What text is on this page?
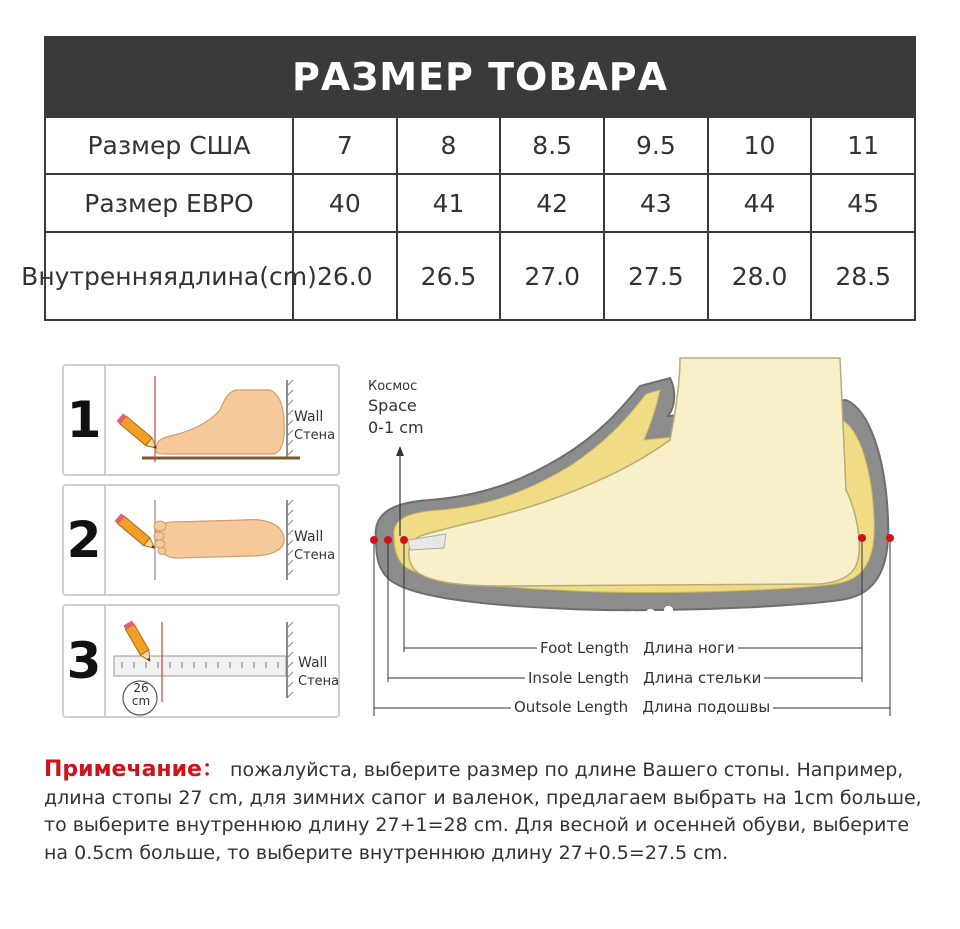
РАЗМЕР ТОВАРА
Размер США	7	8	8.5	9.5	10	11
Размер ЕВРО	40	41	42	43	44	45
Внутренняя длина(cm) 26.0	26.5	27.0	27.5	28.0	28.5
1	Wall
Стена
2	Wall
Стена
3	26
cm
Wall
Стена
Космос
Space
0-1 cm
Foot Length Длина ноги
Insole Length Длина стельки
Outsole Length Длина подошвы
Примечание： пожалуйста, выберите размер по длине Вашего стопы. Например, длина стопы 27 cm, для зимних сапог и валенок, предлагаем выбрать на 1cm больше, то выберите внутреннюю длину 27+1=28 cm. Для весной и осенней обуви, выберите на 0.5cm больше, то выберите внутреннюю длину 27+0.5=27.5 cm.
